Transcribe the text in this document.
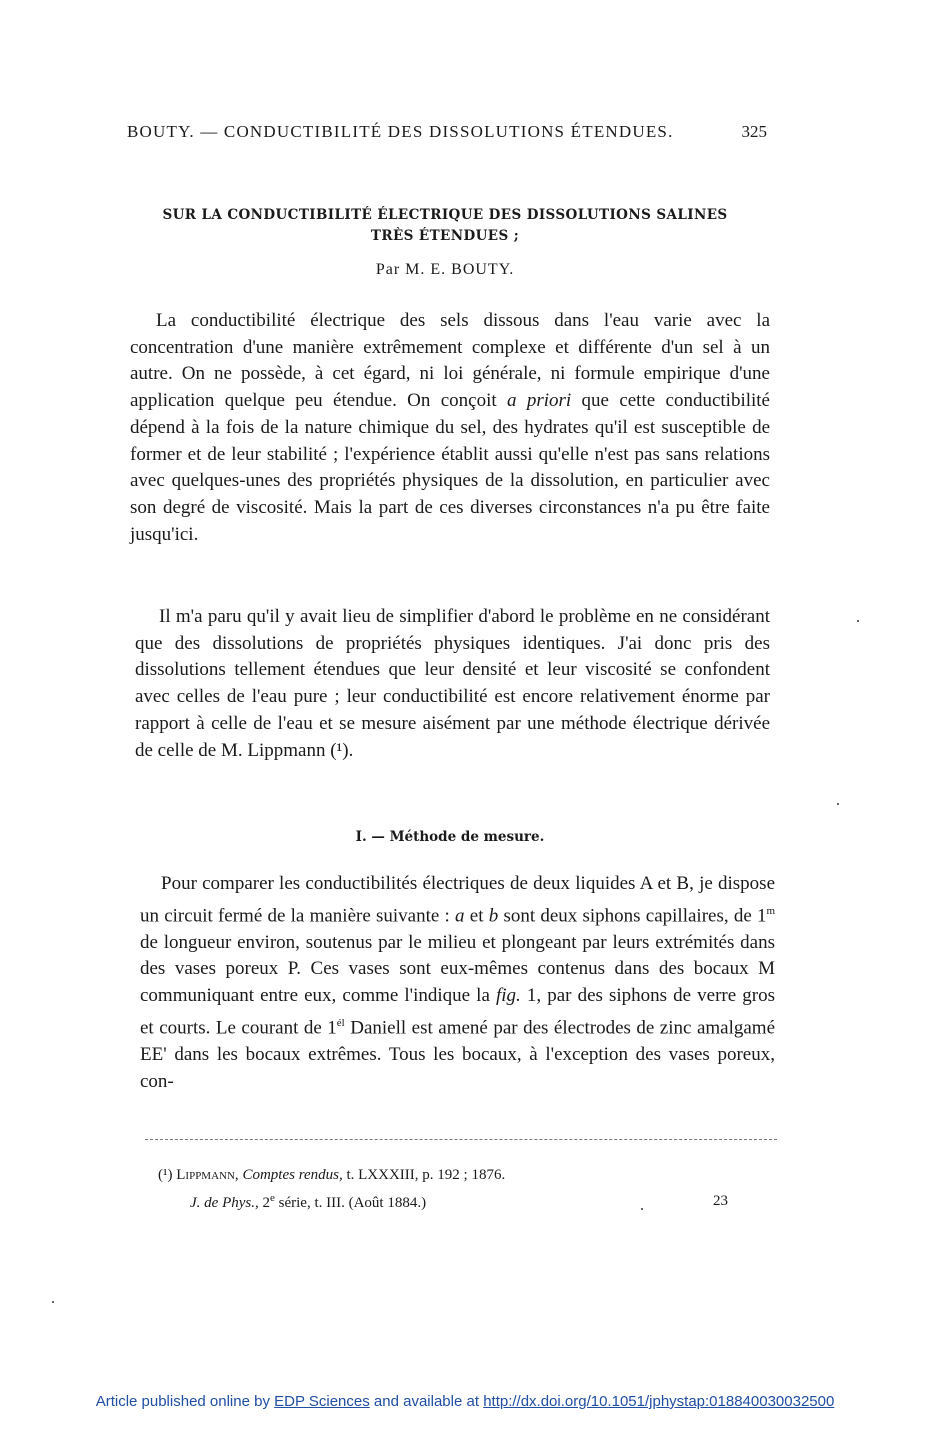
BOUTY. — CONDUCTIBILITÉ DES DISSOLUTIONS ÉTENDUES.	325
SUR LA CONDUCTIBILITÉ ÉLECTRIQUE DES DISSOLUTIONS SALINES
TRÈS ÉTENDUES ;
Par M. E. BOUTY.
La conductibilité électrique des sels dissous dans l'eau varie avec la concentration d'une manière extrêmement complexe et différente d'un sel à un autre. On ne possède, à cet égard, ni loi générale, ni formule empirique d'une application quelque peu étendue. On conçoit a priori que cette conductibilité dépend à la fois de la nature chimique du sel, des hydrates qu'il est susceptible de former et de leur stabilité ; l'expérience établit aussi qu'elle n'est pas sans relations avec quelques-unes des propriétés physiques de la dissolution, en particulier avec son degré de viscosité. Mais la part de ces diverses circonstances n'a pu être faite jusqu'ici.
Il m'a paru qu'il y avait lieu de simplifier d'abord le problème en ne considérant que des dissolutions de propriétés physiques identiques. J'ai donc pris des dissolutions tellement étendues que leur densité et leur viscosité se confondent avec celles de l'eau pure ; leur conductibilité est encore relativement énorme par rapport à celle de l'eau et se mesure aisément par une méthode électrique dérivée de celle de M. Lippmann (¹).
I. — Méthode de mesure.
Pour comparer les conductibilités électriques de deux liquides A et B, je dispose un circuit fermé de la manière suivante : a et b sont deux siphons capillaires, de 1$^m$ de longueur environ, soutenus par le milieu et plongeant par leurs extrémités dans des vases poreux P. Ces vases sont eux-mêmes contenus dans des bocaux M communiquant entre eux, comme l'indique la fig. 1, par des siphons de verre gros et courts. Le courant de $1^{él}$ Daniell est amené par des électrodes de zinc amalgamé EE' dans les bocaux extrêmes. Tous les bocaux, à l'exception des vases poreux, con-
(¹) Lippmann, Comptes rendus, t. LXXXIII, p. 192 ; 1876.
J. de Phys., 2e série, t. III. (Août 1884.)	23
Article published online by EDP Sciences and available at http://dx.doi.org/10.1051/jphystap:018840030032500
